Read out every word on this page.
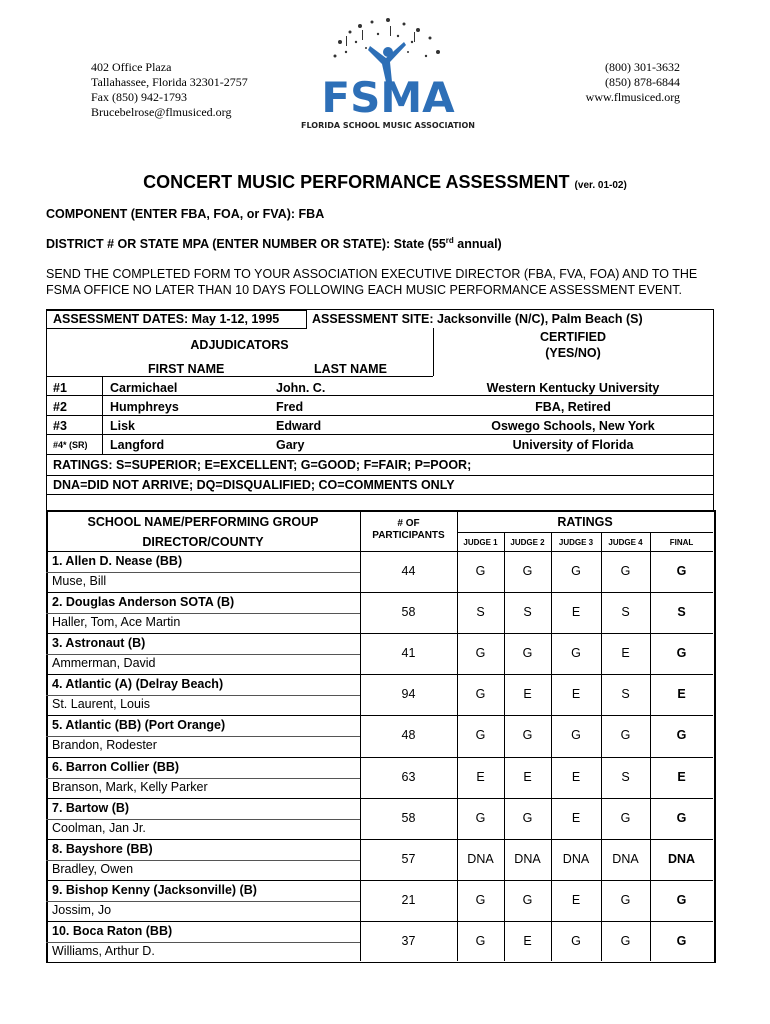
402 Office Plaza
Tallahassee, Florida 32301-2757
Fax (850) 942-1793
Brucebelrose@flmusiced.org
(800) 301-3632
(850) 878-6844
www.flmusiced.org
FSMA
FLORIDA SCHOOL MUSIC ASSOCIATION
CONCERT MUSIC PERFORMANCE ASSESSMENT (ver. 01-02)
COMPONENT (ENTER FBA, FOA, or FVA): FBA
DISTRICT # OR STATE MPA (ENTER NUMBER OR STATE): State (55rd annual)
SEND THE COMPLETED FORM TO YOUR ASSOCIATION EXECUTIVE DIRECTOR (FBA, FVA, FOA) AND TO THE FSMA OFFICE NO LATER THAN 10 DAYS FOLLOWING EACH MUSIC PERFORMANCE ASSESSMENT EVENT.
ASSESSMENT DATES: May 1-12, 1995	ASSESSMENT SITE: Jacksonville (N/C), Palm Beach (S)
ADJUDICATORS
CERTIFIED
(YES/NO)
FIRST NAME	LAST NAME
#1	Carmichael	John. C.	Western Kentucky University
#2	Humphreys	Fred	FBA, Retired
#3	Lisk	Edward	Oswego Schools, New York
#4* (SR) Langford	Gary	University of Florida
RATINGS: S=SUPERIOR; E=EXCELLENT; G=GOOD; F=FAIR; P=POOR;
DNA=DID NOT ARRIVE; DQ=DISQUALIFIED; CO=COMMENTS ONLY
SCHOOL NAME/PERFORMING GROUP
DIRECTOR/COUNTY
# OF
PARTICIPANTS
RATINGS
JUDGE 1	JUDGE 2	JUDGE 3	JUDGE 4	FINAL
1. Allen D. Nease (BB)
Muse, Bill
44	G	G	G	G	G
2. Douglas Anderson SOTA (B)
Haller, Tom, Ace Martin
58	S	S	E	S	S
3. Astronaut (B)
Ammerman, David
41	G	G	G	E	G
4. Atlantic (A) (Delray Beach)
St. Laurent, Louis
94	G	E	E	S	E
5. Atlantic (BB) (Port Orange)
Brandon, Rodester
48	G	G	G	G	G
6. Barron Collier (BB)
Branson, Mark, Kelly Parker
63	E	E	E	S	E
7. Bartow (B)
Coolman, Jan Jr.
58	G	G	E	G	G
8. Bayshore (BB)
Bradley, Owen
57	DNA	DNA	DNA	DNA	DNA
9. Bishop Kenny (Jacksonville) (B)
Jossim, Jo
21	G	G	E	G	G
10. Boca Raton (BB)
Williams, Arthur D.
37	G	E	G	G	G
